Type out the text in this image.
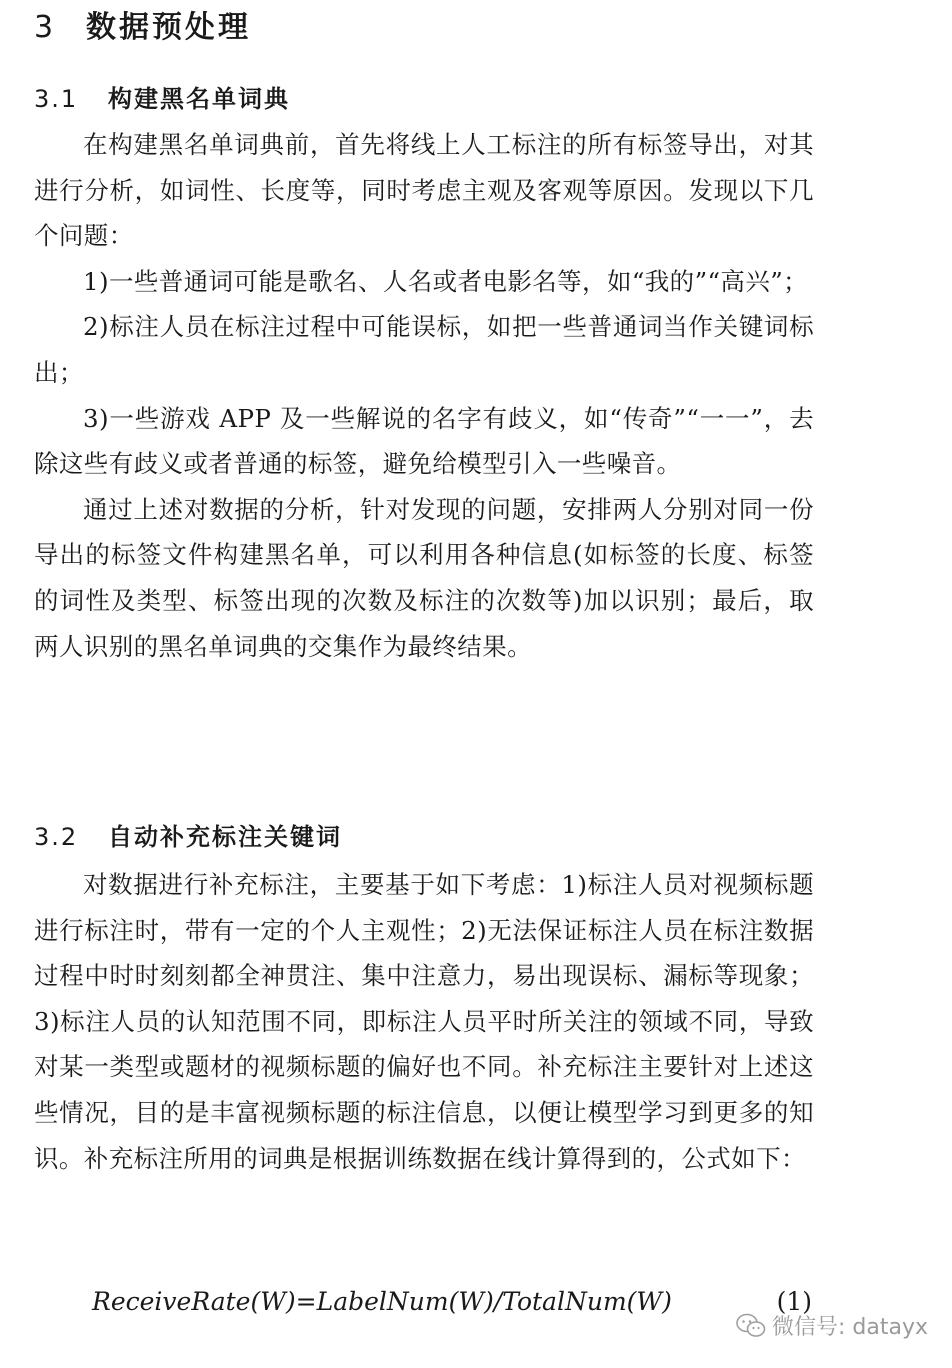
3 数据预处理
3.1 构建黑名单词典

在构建黑名单词典前，首先将线上人工标注的所有标签导出，对其进行分析，如词性、长度等，同时考虑主观及客观等原因。发现以下几个问题：

1)一些普通词可能是歌名、人名或者电影名等，如“我的”“高兴”；

2)标注人员在标注过程中可能误标，如把一些普通词当作关键词标出；

3)一些游戏 APP 及一些解说的名字有歧义，如“传奇”“一一”，去除这些有歧义或者普通的标签，避免给模型引入一些噪音。

通过上述对数据的分析，针对发现的问题，安排两人分别对同一份导出的标签文件构建黑名单，可以利用各种信息(如标签的长度、标签的词性及类型、标签出现的次数及标注的次数等)加以识别；最后，取两人识别的黑名单词典的交集作为最终结果。

3.2 自动补充标注关键词

对数据进行补充标注，主要基于如下考虑：1)标注人员对视频标题进行标注时，带有一定的个人主观性；2)无法保证标注人员在标注数据过程中时时刻刻都全神贯注、集中注意力，易出现误标、漏标等现象；3)标注人员的认知范围不同，即标注人员平时所关注的领域不同，导致对某一类型或题材的视频标题的偏好也不同。补充标注主要针对上述这些情况，目的是丰富视频标题的标注信息，以便让模型学习到更多的知识。补充标注所用的词典是根据训练数据在线计算得到的，公式如下：

ReceiveRate(W)=LabelNum(W)/TotalNum(W)	(1)
微信号: datayx
